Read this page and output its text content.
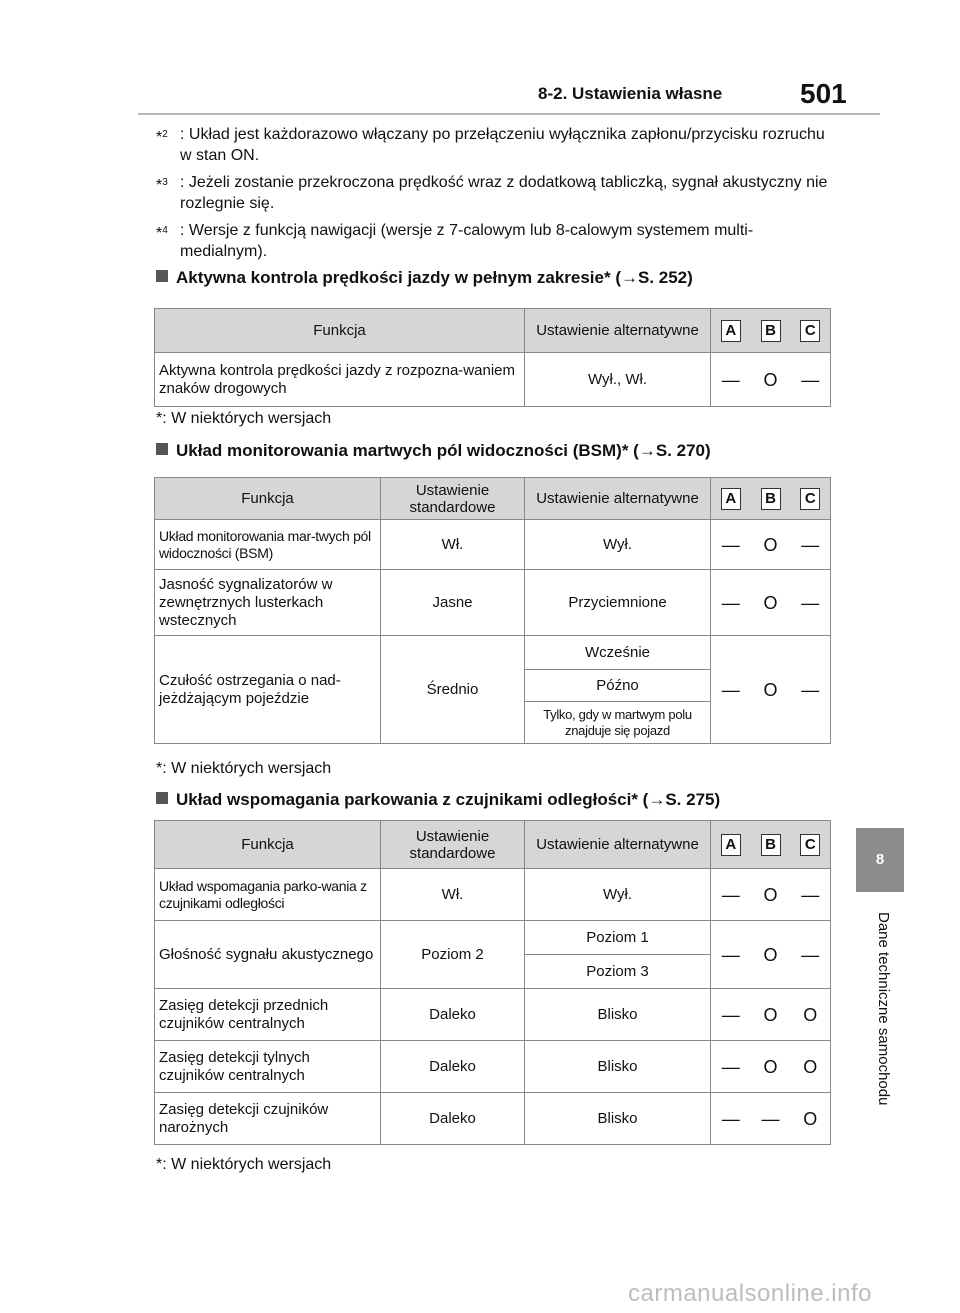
8-2. Ustawienia własne	501
*$^2$ : Układ jest każdorazowo włączany po przełączeniu wyłącznika zapłonu/przycisku rozruchu w stan ON.
*$^3$ : Jeżeli zostanie przekroczona prędkość wraz z dodatkową tabliczką, sygnał akustyczny nie rozlegnie się.
*$^4$ : Wersje z funkcją nawigacji (wersje z 7-calowym lub 8-calowym systemem multi-medialnym).
Aktywna kontrola prędkości jazdy w pełnym zakresie* (→S. 252)
Funkcja	Ustawienie alternatywne	A	B	C
Aktywna kontrola prędkości jazdy z rozpozna-waniem znaków drogowych	Wył., Wł.	—	O	—
*: W niektórych wersjach
Układ monitorowania martwych pól widoczności (BSM)* (→S. 270)
Funkcja	Ustawienie standardowe	Ustawienie alternatywne	A	B	C
Układ monitorowania mar-twych pól widoczności (BSM)	Wł.	Wył.	—	O	—
Jasność sygnalizatorów w zewnętrznych lusterkach wstecznych	Jasne	Przyciemnione	—	O	—
Czułość ostrzegania o nad-jeżdżającym pojeździe	Średnio	Wcześnie	—	O	—
		Późno			
		Tylko, gdy w martwym polu znajduje się pojazd			
*: W niektórych wersjach
Układ wspomagania parkowania z czujnikami odległości* (→S. 275)
Funkcja	Ustawienie standardowe	Ustawienie alternatywne	A	B	C
Układ wspomagania parko-wania z czujnikami odległości	Wł.	Wył.	—	O	—
Głośność sygnału akustycznego	Poziom 2	Poziom 1	—	O	—
		Poziom 3			
Zasięg detekcji przednich czujników centralnych	Daleko	Blisko	—	O	O
Zasięg detekcji tylnych czujników centralnych	Daleko	Blisko	—	O	O
Zasięg detekcji czujników narożnych	Daleko	Blisko	—	—	O
*: W niektórych wersjach
8
Dane techniczne samochodu
carmanualsonline.info
